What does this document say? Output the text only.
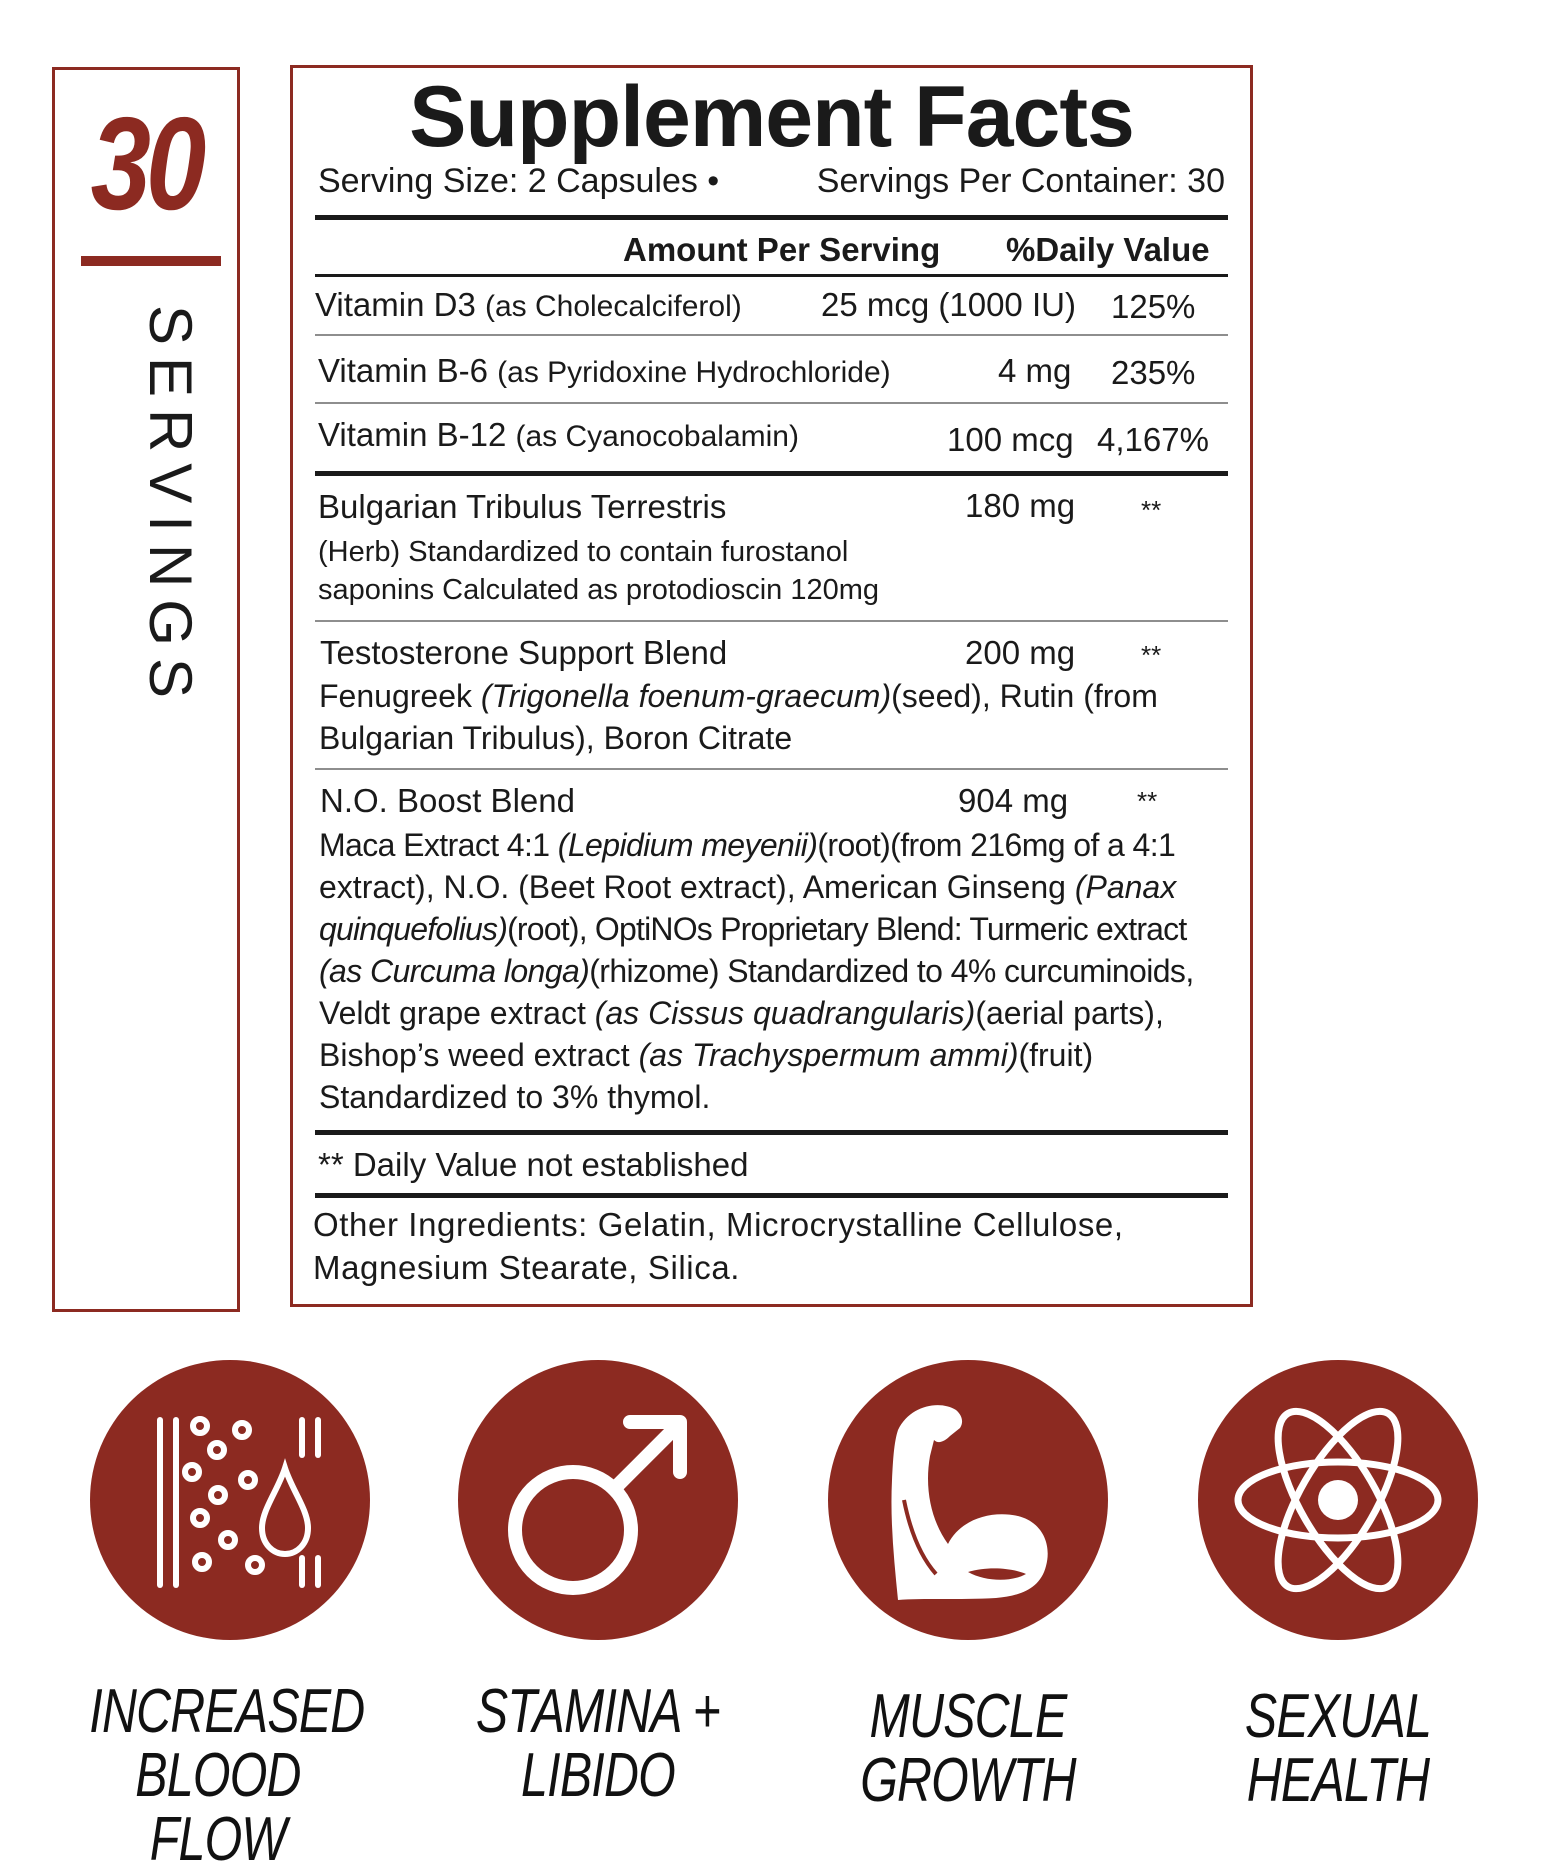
30
SERVINGS
Supplement Facts
Serving Size: 2 Capsules •	Servings Per Container: 30
Amount Per Serving %Daily Value
Vitamin D3 (as Cholecalciferol) 25 mcg (1000 IU) 125%
Vitamin B-6 (as Pyridoxine Hydrochloride)	4 mg 235%
Vitamin B-12 (as Cyanocobalamin)	100 mcg 4,167%
Bulgarian Tribulus Terrestris	180 mg	**
(Herb) Standardized to contain furostanol
saponins Calculated as protodioscin 120mg
Testosterone Support Blend	200 mg	**
Fenugreek (Trigonella foenum-graecum)(seed), Rutin (from
Bulgarian Tribulus), Boron Citrate
N.O. Boost Blend	904 mg	**
Maca Extract 4:1 (Lepidium meyenii)(root)(from 216mg of a 4:1
extract), N.O. (Beet Root extract), American Ginseng (Panax
quinquefolius)(root), OptiNOs Proprietary Blend: Turmeric extract
(as Curcuma longa)(rhizome) Standardized to 4% curcuminoids,
Veldt grape extract (as Cissus quadrangularis)(aerial parts),
Bishop’s weed extract (as Trachyspermum ammi)(fruit)
Standardized to 3% thymol.
** Daily Value not established
Other Ingredients: Gelatin, Microcrystalline Cellulose,
Magnesium Stearate, Silica.
INCREASED
BLOOD FLOW
STAMINA +
LIBIDO
MUSCLE
GROWTH
SEXUAL
HEALTH
